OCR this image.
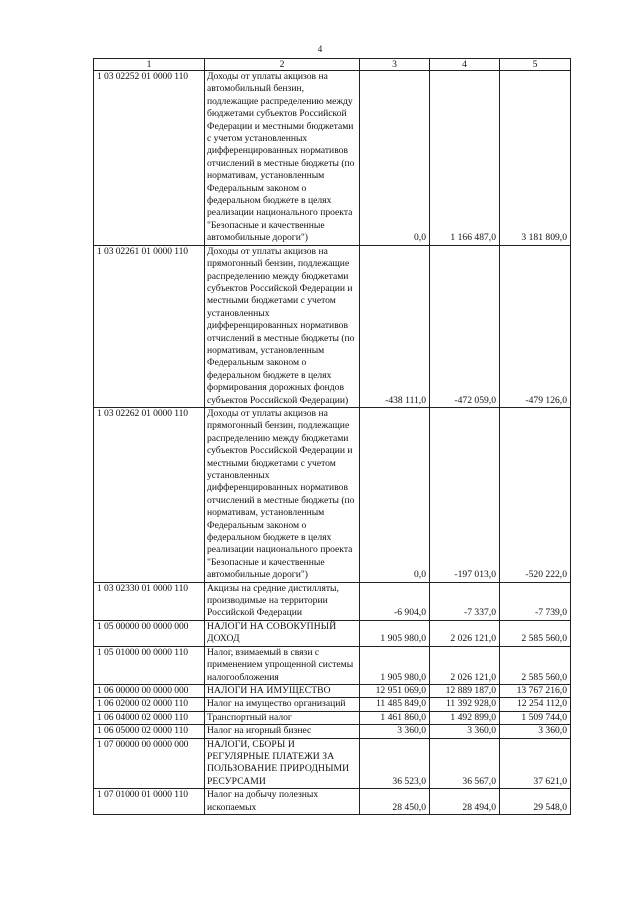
4
1	2	3	4	5
1 03 02252 01 0000 110	Доходы от уплаты акцизов на автомобильный бензин, подлежащие распределению между бюджетами субъектов Российской Федерации и местными бюджетами с учетом установленных дифференцированных нормативов отчислений в местные бюджеты (по нормативам, установленным Федеральным законом о федеральном бюджете в целях реализации национального проекта "Безопасные и качественные автомобильные дороги")	0,0	1 166 487,0	3 181 809,0
1 03 02261 01 0000 110	Доходы от уплаты акцизов на прямогонный бензин, подлежащие распределению между бюджетами субъектов Российской Федерации и местными бюджетами с учетом установленных дифференцированных нормативов отчислений в местные бюджеты (по нормативам, установленным Федеральным законом о федеральном бюджете в целях формирования дорожных фондов субъектов Российской Федерации)	-438 111,0	-472 059,0	-479 126,0
1 03 02262 01 0000 110	Доходы от уплаты акцизов на прямогонный бензин, подлежащие распределению между бюджетами субъектов Российской Федерации и местными бюджетами с учетом установленных дифференцированных нормативов отчислений в местные бюджеты (по нормативам, установленным Федеральным законом о федеральном бюджете в целях реализации национального проекта "Безопасные и качественные автомобильные дороги")	0,0	-197 013,0	-520 222,0
1 03 02330 01 0000 110	Акцизы на средние дистилляты, производимые на территории Российской Федерации	-6 904,0	-7 337,0	-7 739,0
1 05 00000 00 0000 000	НАЛОГИ НА СОВОКУПНЫЙ ДОХОД	1 905 980,0	2 026 121,0	2 585 560,0
1 05 01000 00 0000 110	Налог, взимаемый в связи с применением упрощенной системы налогообложения	1 905 980,0	2 026 121,0	2 585 560,0
1 06 00000 00 0000 000	НАЛОГИ НА ИМУЩЕСТВО	12 951 069,0	12 889 187,0	13 767 216,0
1 06 02000 02 0000 110	Налог на имущество организаций	11 485 849,0	11 392 928,0	12 254 112,0
1 06 04000 02 0000 110	Транспортный налог	1 461 860,0	1 492 899,0	1 509 744,0
1 06 05000 02 0000 110	Налог на игорный бизнес	3 360,0	3 360,0	3 360,0
1 07 00000 00 0000 000	НАЛОГИ, СБОРЫ И РЕГУЛЯРНЫЕ ПЛАТЕЖИ ЗА ПОЛЬЗОВАНИЕ ПРИРОДНЫМИ РЕСУРСАМИ	36 523,0	36 567,0	37 621,0
1 07 01000 01 0000 110	Налог на добычу полезных ископаемых	28 450,0	28 494,0	29 548,0
